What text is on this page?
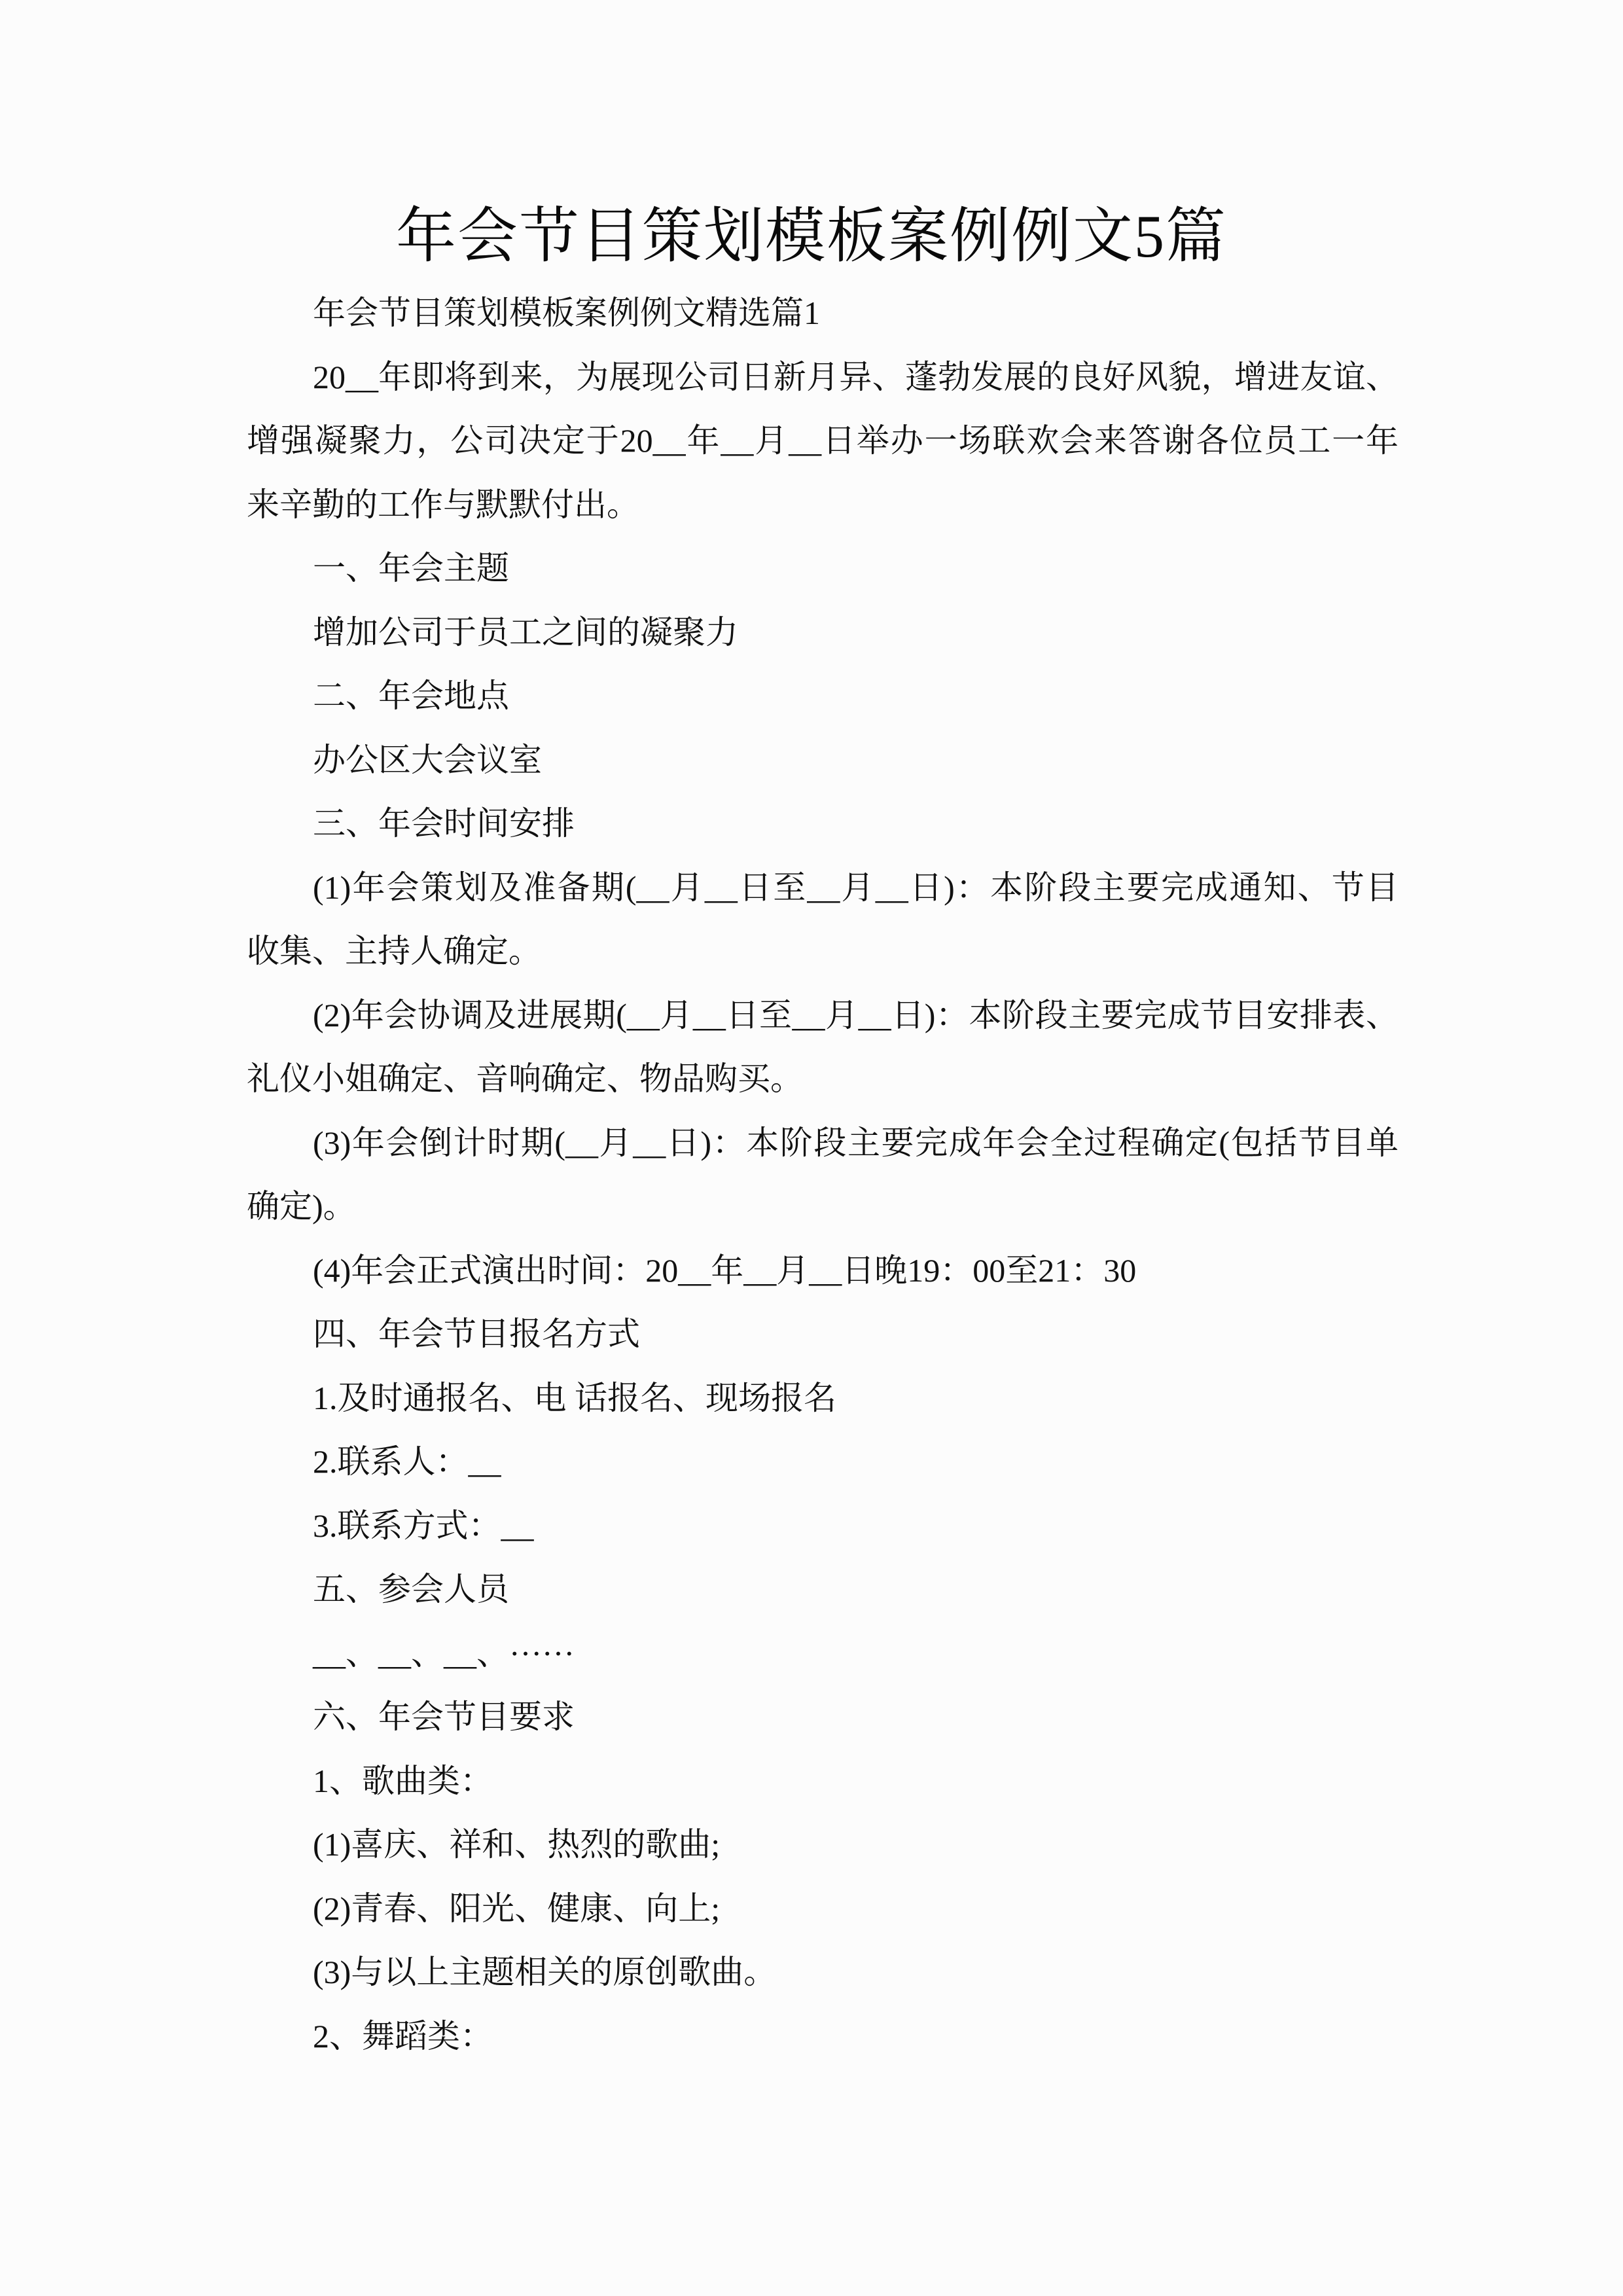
年会节目策划模板案例例文5篇
年会节目策划模板案例例文精选篇1
20__年即将到来，为展现公司日新月异、蓬勃发展的良好风貌，增进友谊、
增强凝聚力，公司决定于20__年__月__日举办一场联欢会来答谢各位员工一年
来辛勤的工作与默默付出。
一、年会主题
增加公司于员工之间的凝聚力
二、年会地点
办公区大会议室
三、年会时间安排
(1)年会策划及准备期(__月__日至__月__日)：本阶段主要完成通知、节目
收集、主持人确定。
(2)年会协调及进展期(__月__日至__月__日)：本阶段主要完成节目安排表、
礼仪小姐确定、音响确定、物品购买。
(3)年会倒计时期(__月__日)：本阶段主要完成年会全过程确定(包括节目单
确定)。
(4)年会正式演出时间：20__年__月__日晚19：00至21：30
四、年会节目报名方式
1.及时通报名、电 话报名、现场报名
2.联系人：__
3.联系方式：__
五、参会人员
__、__、__、……
六、年会节目要求
1、歌曲类：
(1)喜庆、祥和、热烈的歌曲;
(2)青春、阳光、健康、向上;
(3)与以上主题相关的原创歌曲。
2、舞蹈类：
